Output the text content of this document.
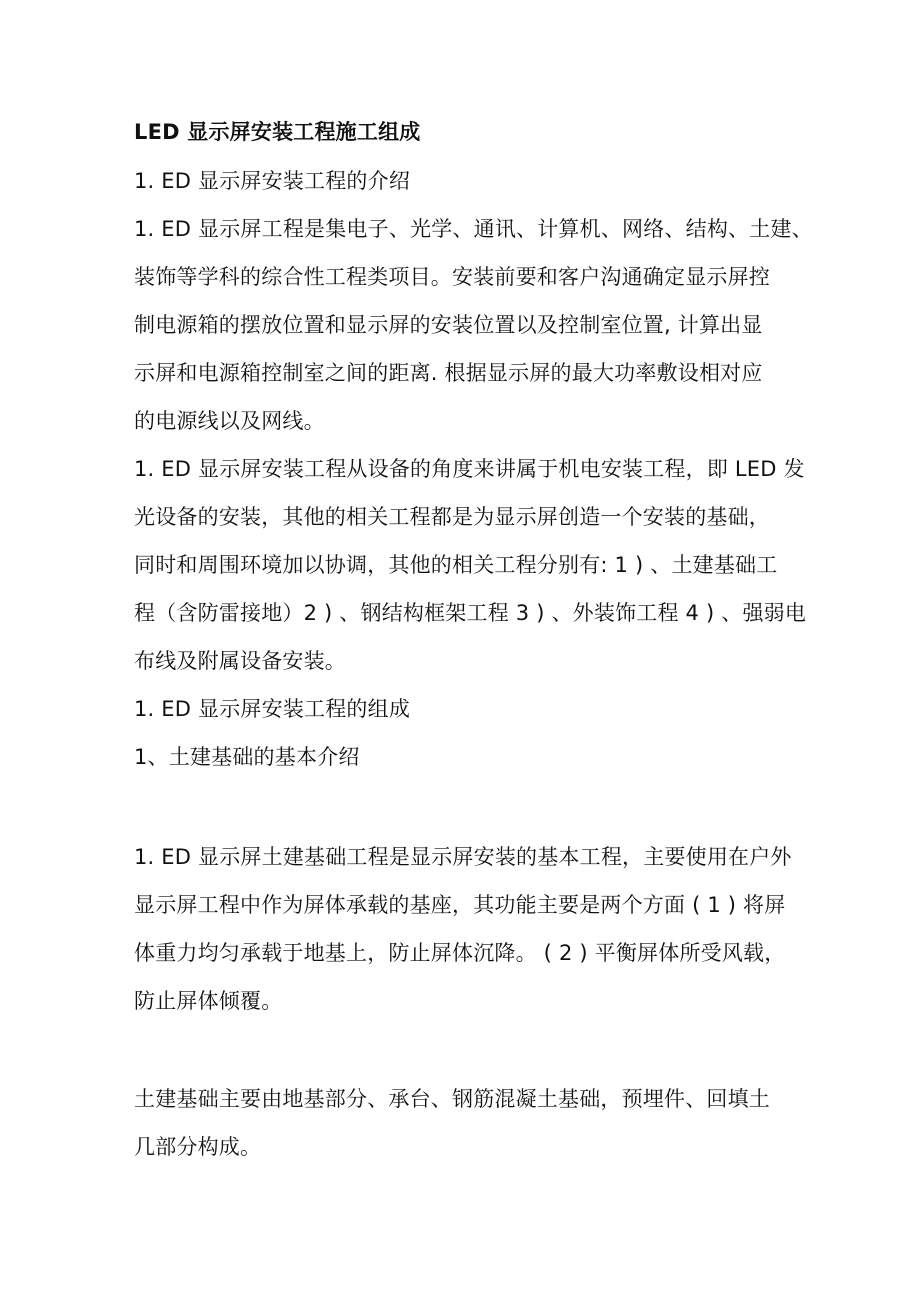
LED 显示屏安装工程施工组成
1. ED 显示屏安装工程的介绍
1. ED 显示屏工程是集电子、光学、通讯、计算机、网络、结构、土建、
装饰等学科的综合性工程类项目。安装前要和客户沟通确定显示屏控
制电源箱的摆放位置和显示屏的安装位置以及控制室位置, 计算出显
示屏和电源箱控制室之间的距离. 根据显示屏的最大功率敷设相对应
的电源线以及网线。
1. ED 显示屏安装工程从设备的角度来讲属于机电安装工程，即 LED 发
光设备的安装，其他的相关工程都是为显示屏创造一个安装的基础，
同时和周围环境加以协调，其他的相关工程分别有: 1 ) 、土建基础工
程（含防雷接地）2 ) 、钢结构框架工程 3 ) 、外装饰工程 4 ) 、强弱电
布线及附属设备安装。
1. ED 显示屏安装工程的组成
1、土建基础的基本介绍
1. ED 显示屏土建基础工程是显示屏安装的基本工程，主要使用在户外
显示屏工程中作为屏体承载的基座，其功能主要是两个方面 ( 1 ) 将屏
体重力均匀承载于地基上，防止屏体沉降。 ( 2 ) 平衡屏体所受风载，
防止屏体倾覆。
土建基础主要由地基部分、承台、钢筋混凝土基础，预埋件、回填土
几部分构成。
